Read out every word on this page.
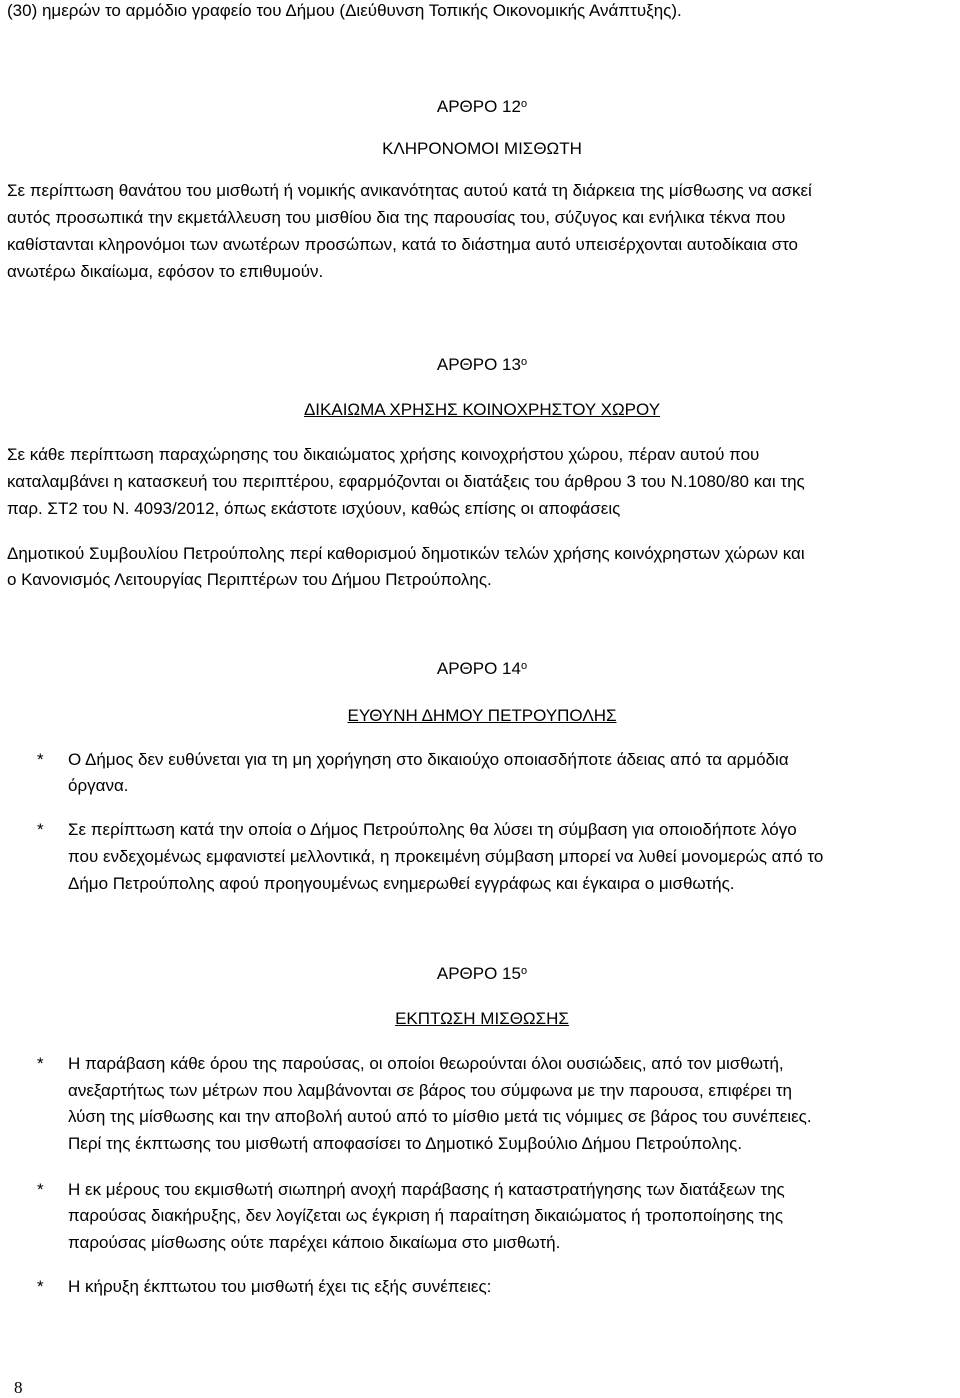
(30) ημερών το αρμόδιο γραφείο του Δήμου (Διεύθυνση Τοπικής Οικονομικής Ανάπτυξης).
ΑΡΘΡΟ $12^o$
ΚΛΗΡΟΝΟΜΟΙ ΜΙΣΘΩΤΗ
Σε περίπτωση θανάτου του μισθωτή ή νομικής ανικανότητας αυτού κατά τη διάρκεια της μίσθωσης να ασκεί
αυτός προσωπικά την εκμετάλλευση του μισθίου δια της παρουσίας του, σύζυγος και ενήλικα τέκνα που
καθίστανται κληρονόμοι των ανωτέρων προσώπων, κατά το διάστημα αυτό υπεισέρχονται αυτοδίκαια στο
ανωτέρω δικαίωμα, εφόσον το επιθυμούν.
ΑΡΘΡΟ $13^o$
ΔΙΚΑΙΩΜΑ ΧΡΗΣΗΣ ΚΟΙΝΟΧΡΗΣΤΟΥ ΧΩΡΟΥ
Σε κάθε περίπτωση παραχώρησης του δικαιώματος χρήσης κοινοχρήστου χώρου, πέραν αυτού που
καταλαμβάνει η κατασκευή του περιπτέρου, εφαρμόζονται οι διατάξεις του άρθρου 3 του Ν.1080/80 και της
παρ. ΣΤ2 του Ν. 4093/2012, όπως εκάστοτε ισχύουν, καθώς επίσης οι αποφάσεις
Δημοτικού Συμβουλίου Πετρούπολης περί καθορισμού δημοτικών τελών χρήσης κοινόχρηστων χώρων και
ο Κανονισμός Λειτουργίας Περιπτέρων του Δήμου Πετρούπολης.
ΑΡΘΡΟ $14^o$
ΕΥΘΥΝΗ ΔΗΜΟΥ ΠΕΤΡΟΥΠΟΛΗΣ
* Ο Δήμος δεν ευθύνεται για τη μη χορήγηση στο δικαιούχο οποιασδήποτε άδειας από τα αρμόδια
όργανα.
* Σε περίπτωση κατά την οποία ο Δήμος Πετρούπολης θα λύσει τη σύμβαση για οποιοδήποτε λόγο
που ενδεχομένως εμφανιστεί μελλοντικά, η προκειμένη σύμβαση μπορεί να λυθεί μονομερώς από το
Δήμο Πετρούπολης αφού προηγουμένως ενημερωθεί εγγράφως και έγκαιρα ο μισθωτής.
ΑΡΘΡΟ $15^o$
ΕΚΠΤΩΣΗ ΜΙΣΘΩΣΗΣ
* Η παράβαση κάθε όρου της παρούσας, οι οποίοι θεωρούνται όλοι ουσιώδεις, από τον μισθωτή,
ανεξαρτήτως των μέτρων που λαμβάνονται σε βάρος του σύμφωνα με την παρουσα, επιφέρει τη
λύση της μίσθωσης και την αποβολή αυτού από το μίσθιο μετά τις νόμιμες σε βάρος του συνέπειες.
Περί της έκπτωσης του μισθωτή αποφασίσει το Δημοτικό Συμβούλιο Δήμου Πετρούπολης.
* Η εκ μέρους του εκμισθωτή σιωπηρή ανοχή παράβασης ή καταστρατήγησης των διατάξεων της
παρούσας διακήρυξης, δεν λογίζεται ως έγκριση ή παραίτηση δικαιώματος ή τροποποίησης της
παρούσας μίσθωσης ούτε παρέχει κάποιο δικαίωμα στο μισθωτή.
* Η κήρυξη έκπτωτου του μισθωτή έχει τις εξής συνέπειες:
8
